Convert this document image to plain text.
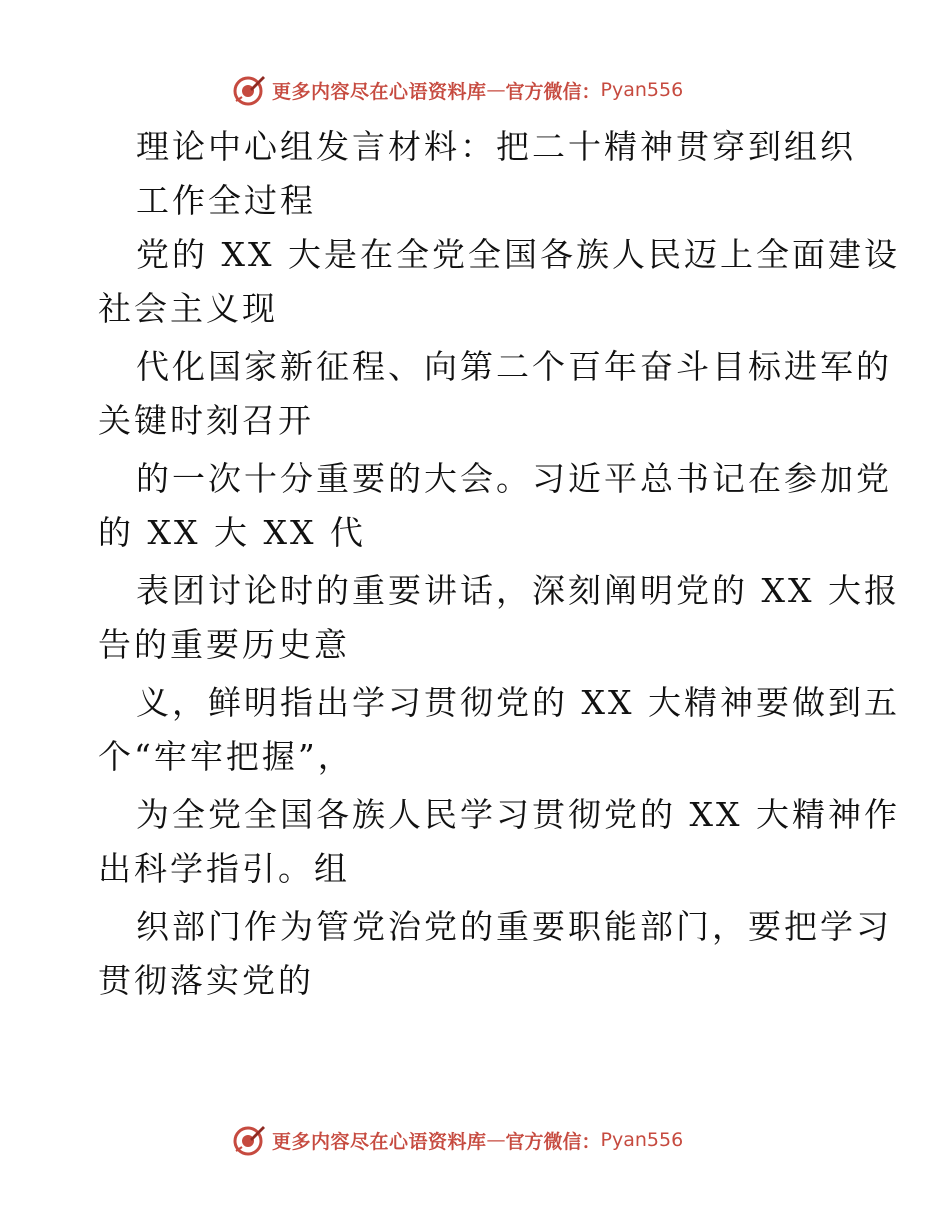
更多内容尽在心语资料库 — 官方微信： Pyan556
理论中心组发言材料：把二十精神贯穿到组织
工作全过程
党的 XX 大是在全党全国各族人民迈上全面建设
社会主义现
代化国家新征程、向第二个百年奋斗目标进军的
关键时刻召开
的一次十分重要的大会。习近平总书记在参加党
的 XX 大 XX 代
表团讨论时的重要讲话，深刻阐明党的 XX 大报
告的重要历史意
义，鲜明指出学习贯彻党的 XX 大精神要做到五
个“牢牢把握”，
为全党全国各族人民学习贯彻党的 XX 大精神作
出科学指引。组
织部门作为管党治党的重要职能部门，要把学习
贯彻落实党的
更多内容尽在心语资料库 — 官方微信： Pyan556
